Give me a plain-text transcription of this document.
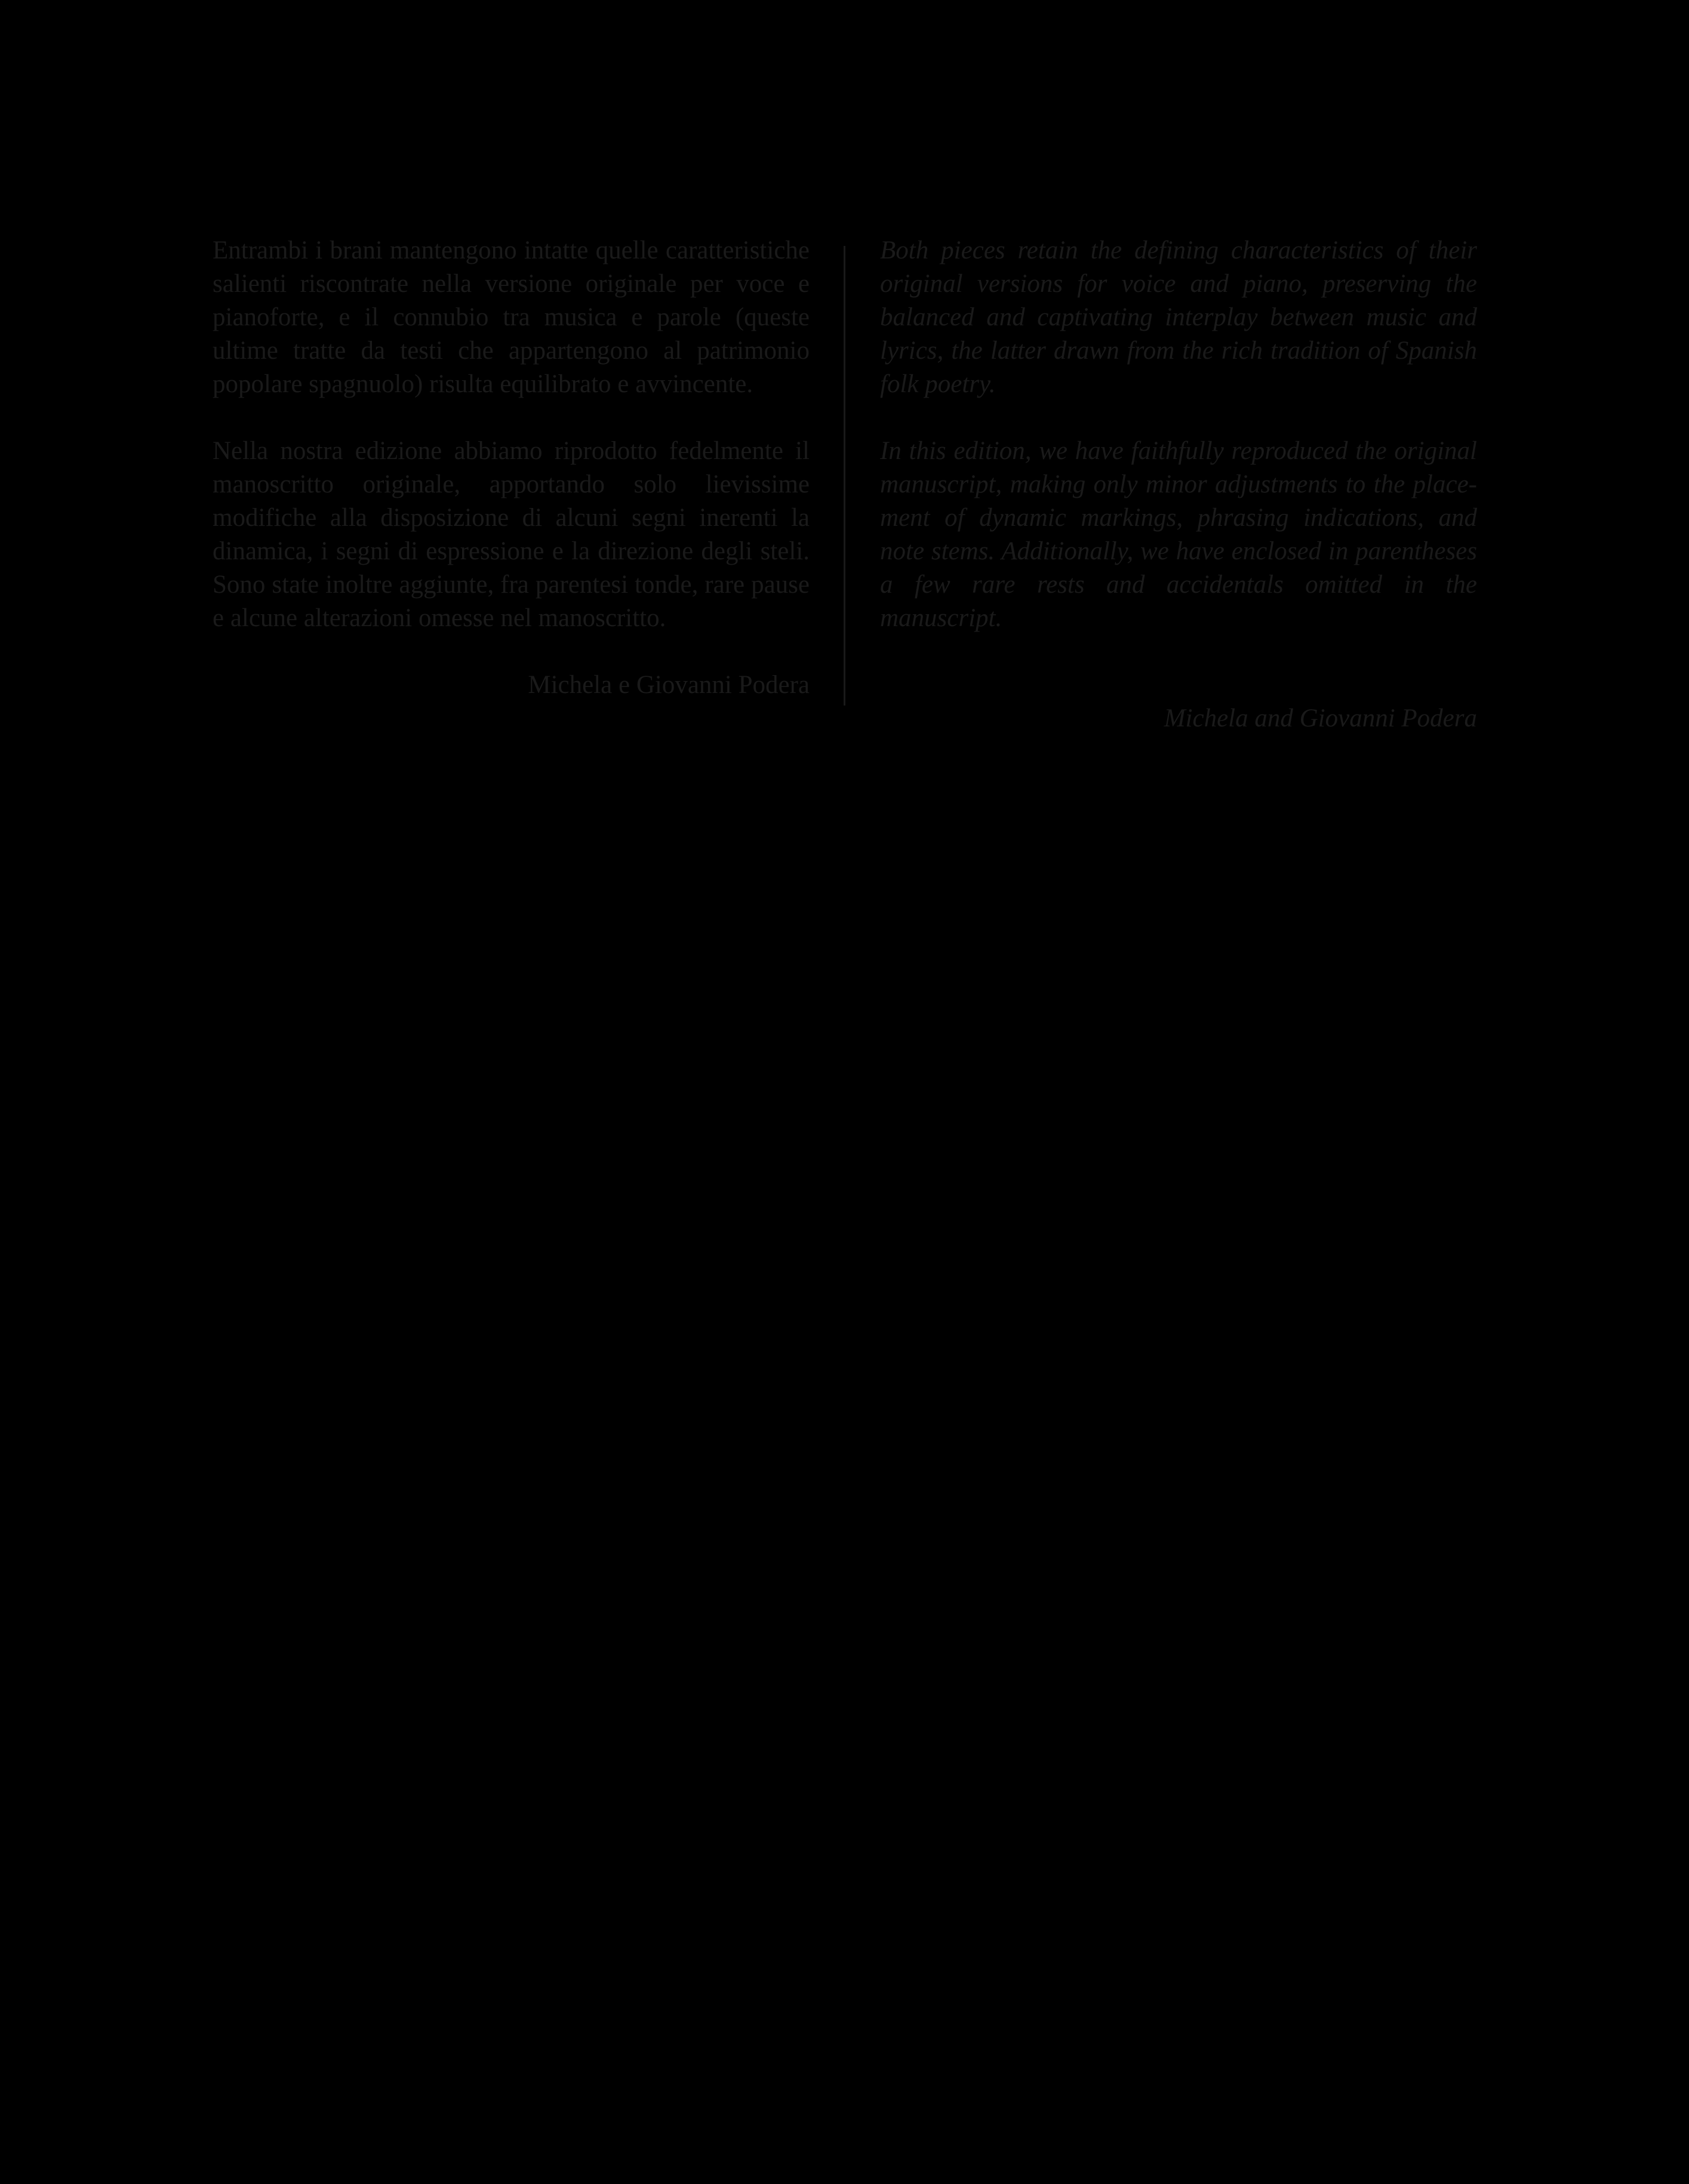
Entrambi i brani mantengono intatte quelle caratteristiche salienti riscontrate nella versione originale per voce e pianoforte, e il connubio tra musica e parole (queste ultime tratte da testi che appartengono al patrimonio popolare spagnuolo) risulta equilibrato e avvincente.

Nella nostra edizione abbiamo riprodotto fedelmente il manoscritto originale, apportando solo lievissime modifiche alla disposizione di alcuni segni inerenti la dinamica, i segni di espressione e la direzione degli steli. Sono state inoltre aggiunte, fra parentesi tonde, rare pause e alcune alterazioni omesse nel manoscritto.

Michela e Giovanni Podera

Both pieces retain the defining characteristics of their original versions for voice and piano, preserving the balanced and captivating interplay between music and lyrics, the latter drawn from the rich tradition of Spanish folk poetry.

In this edition, we have faithfully reproduced the original manuscript, making only minor adjustments to the placement of dynamic markings, phrasing indications, and note stems. Additionally, we have enclosed in parentheses a few rare rests and accidentals omitted in the manuscript.

Michela and Giovanni Podera
